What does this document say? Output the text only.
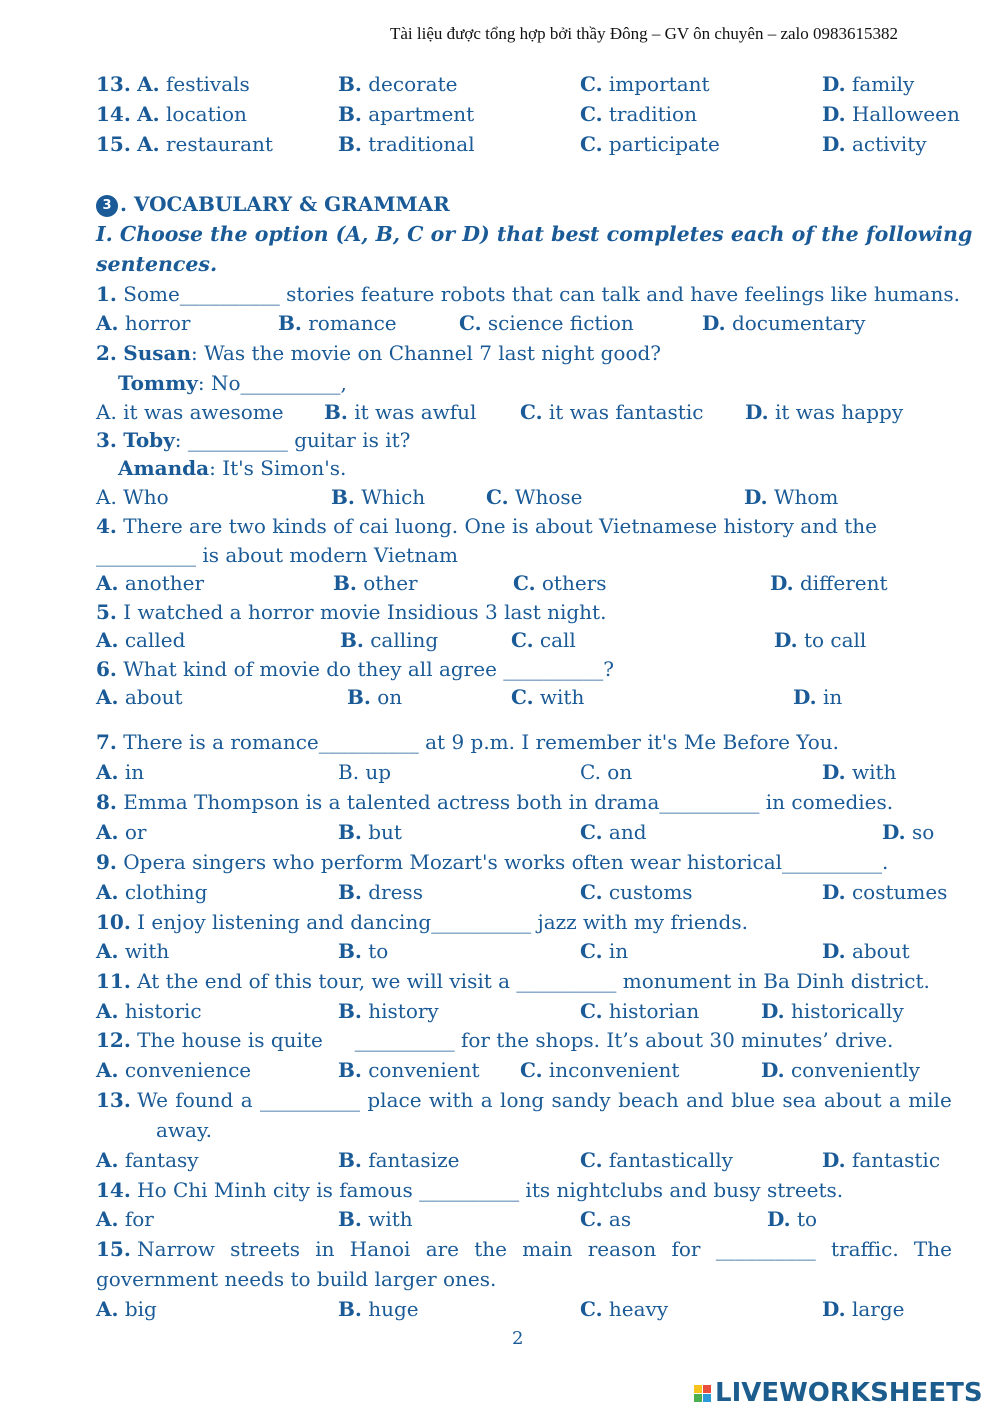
Tài liệu được tổng hợp bởi thầy Đông – GV ôn chuyên – zalo 0983615382
13. A. festivals	B. decorate	C. important	D. family
14. A. location	B. apartment	C. tradition	D. Halloween
15. A. restaurant	B. traditional	C. participate	D. activity
3 . VOCABULARY & GRAMMAR
I. Choose the option (A, B, C or D) that best completes each of the following
sentences.
1. Some__________ stories feature robots that can talk and have feelings like humans.
A. horror	B. romance	C. science fiction	D. documentary
2. Susan: Was the movie on Channel 7 last night good?
Tommy: No__________,
A. it was awesome B. it was awful C. it was fantastic D. it was happy
3. Toby: __________ guitar is it?
Amanda: It's Simon's.
A. Who	B. Which	C. Whose	D. Whom
4. There are two kinds of cai luong. One is about Vietnamese history and the
__________ is about modern Vietnam
A. another	B. other	C. others	D. different
5. I watched a horror movie Insidious 3 last night.
A. called	B. calling	C. call	D. to call
6. What kind of movie do they all agree __________?
A. about	B. on	C. with	D. in
7. There is a romance__________ at 9 p.m. I remember it's Me Before You.
A. in	B. up	C. on	D. with
8. Emma Thompson is a talented actress both in drama__________ in comedies.
A. or	B. but	C. and	D. so
9. Opera singers who perform Mozart's works often wear historical__________.
A. clothing	B. dress	C. customs	D. costumes
10. I enjoy listening and dancing__________ jazz with my friends.
A. with	B. to	C. in	D. about
11. At the end of this tour, we will visit a __________ monument in Ba Dinh district.
A. historic	B. history	C. historian	D. historically
12. The house is quite     __________ for the shops. It’s about 30 minutes’ drive.
A. convenience	B. convenient C. inconvenient	D. conveniently
13. We found a __________ place with a long sandy beach and blue sea about a mile
away.
A. fantasy	B. fantasize	C. fantastically	D. fantastic
14. Ho Chi Minh city is famous __________ its nightclubs and busy streets.
A. for	B. with	C. as	D. to
15. Narrow streets in Hanoi are the main reason for __________ traffic. The
government needs to build larger ones.
A. big	B. huge	C. heavy	D. large
2
LIVEWORKSHEETS
